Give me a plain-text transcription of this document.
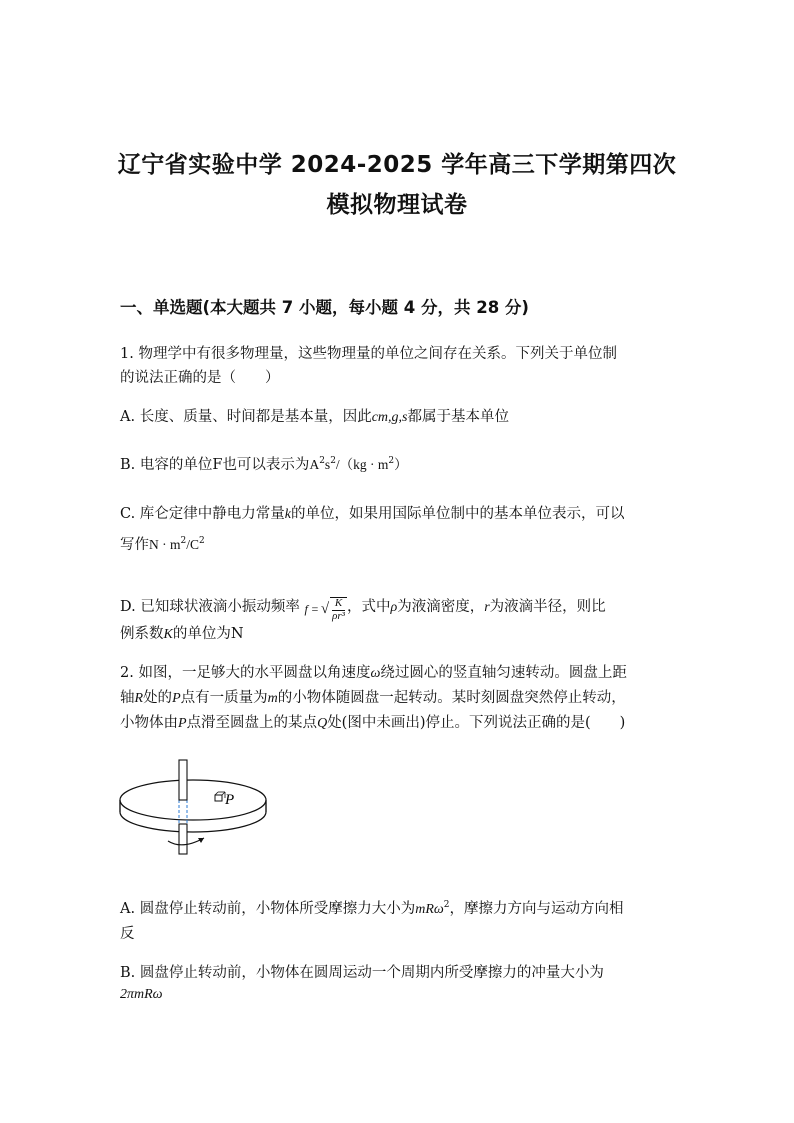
辽宁省实验中学 2024-2025 学年高三下学期第四次
模拟物理试卷
一、单选题(本大题共 7 小题，每小题 4 分，共 28 分)
1. 物理学中有很多物理量，这些物理量的单位之间存在关系。下列关于单位制
的说法正确的是（　　）
A. 长度、质量、时间都是基本量，因此cm,g,s都属于基本单位
B. 电容的单位F也可以表示为$A^2s^2/(kg \cdot m^2)$
C. 库仑定律中静电力常量k的单位，如果用国际单位制中的基本单位表示，可以
写作$N \cdot m^2/C^2$
D. 已知球状液滴小振动频率 f = √ $\frac{K}{\text{ρr³}}$ ，式中ρ为液滴密度，r为液滴半径，则比
例系数K的单位为N
2. 如图，一足够大的水平圆盘以角速度ω绕过圆心的竖直轴匀速转动。圆盘上距
轴R处的P点有一质量为m的小物体随圆盘一起转动。某时刻圆盘突然停止转动，
小物体由P点滑至圆盘上的某点Q处(图中未画出)停止。下列说法正确的是(　　)
P
A. 圆盘停止转动前，小物体所受摩擦力大小为mRω$^2$，摩擦力方向与运动方向相
反
B. 圆盘停止转动前，小物体在圆周运动一个周期内所受摩擦力的冲量大小为
2πmRω
